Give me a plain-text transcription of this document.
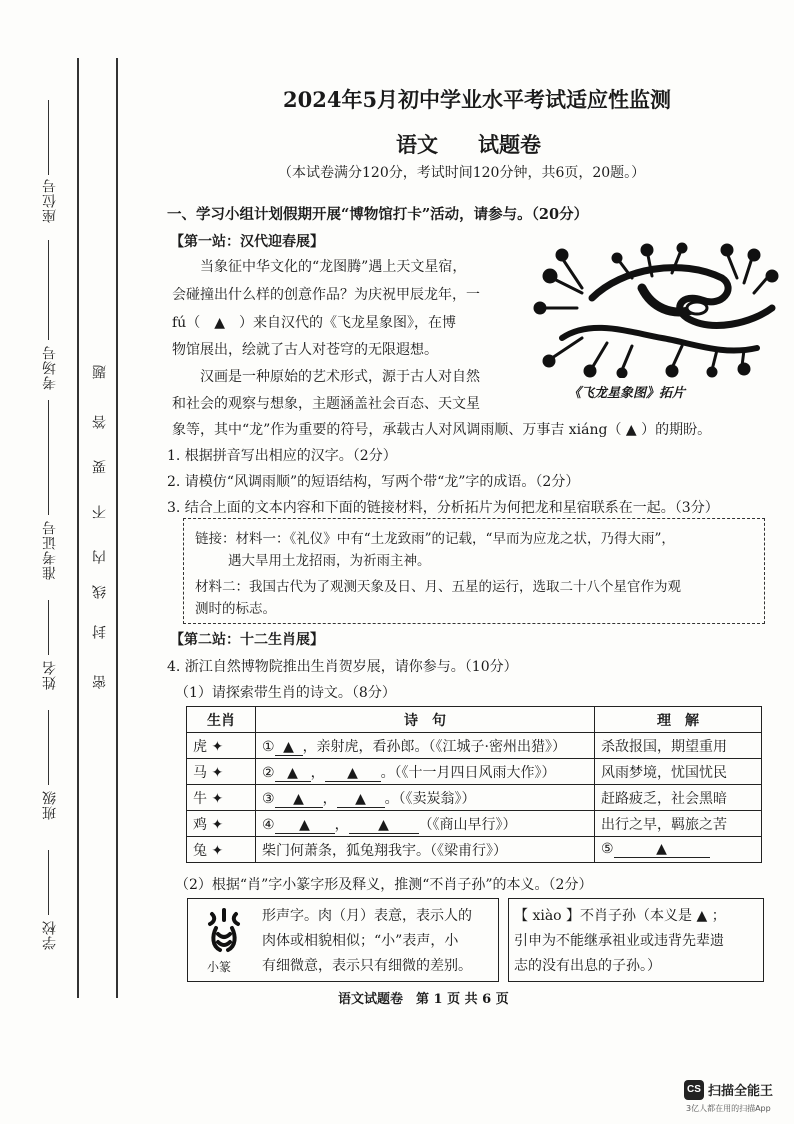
座位号
考场号
准考证号
姓名
班级
学校
密
封
线
内
不
要
答
题
2024年5月初中学业水平考试适应性监测
语文 试题卷
（本试卷满分120分，考试时间120分钟，共6页，20题。）
一、学习小组计划假期开展“博物馆打卡”活动，请参与。（20分）
【第一站：汉代迎春展】
当象征中华文化的“龙图腾”遇上天文星宿，
会碰撞出什么样的创意作品？为庆祝甲辰龙年，一
fú（　▲　）来自汉代的《飞龙星象图》，在博
物馆展出，绘就了古人对苍穹的无限遐想。
汉画是一种原始的艺术形式，源于古人对自然
和社会的观察与想象，主题涵盖社会百态、天文星
象等，其中“龙”作为重要的符号，承载古人对风调雨顺、万事吉 xiáng（ ▲ ）的期盼。
《飞龙星象图》拓片
1. 根据拼音写出相应的汉字。（2分）
2. 请模仿“风调雨顺”的短语结构，写两个带“龙”字的成语。（2分）
3. 结合上面的文本内容和下面的链接材料，分析拓片为何把龙和星宿联系在一起。（3分）
链接：材料一：《礼仪》中有“土龙致雨”的记载，“早而为应龙之状，乃得大雨”，
遇大旱用土龙招雨，为祈雨主神。
材料二：我国古代为了观测天象及日、月、五星的运行，选取二十八个星官作为观
测时的标志。
【第二站：十二生肖展】
4. 浙江自然博物院推出生肖贺岁展，请你参与。（10分）
（1）请探索带生肖的诗文。（8分）
生肖	诗　句	理　解
虎 ✦	① ▲ ，亲射虎，看孙郎。（《江城子·密州出猎》）	杀敌报国，期望重用
马 ✦	② ▲ ， ▲ 。（《十一月四日风雨大作》）	风雨梦境，忧国忧民
牛 ✦	③ ▲ ， ▲ 。（《卖炭翁》）	赶路疲乏，社会黑暗
鸡 ✦	④ ▲ ， ▲ （《商山早行》）	出行之早，羁旅之苦
兔 ✦	柴门何萧条，狐兔翔我宇。（《梁甫行》）	⑤ ▲
（2）根据“肖”字小篆字形及释义，推测“不肖子孙”的本义。（2分）
小篆
形声字。肉（月）表意，表示人的
肉体或相貌相似；“小”表声，小
有细微意，表示只有细微的差别。
【 xiào 】不肖子孙（本义是 ▲ ；
引申为不能继承祖业或违背先辈遗
志的没有出息的子孙。）
语文试题卷　第 1 页 共 6 页
CS 扫描全能王
3亿人都在用的扫描App
